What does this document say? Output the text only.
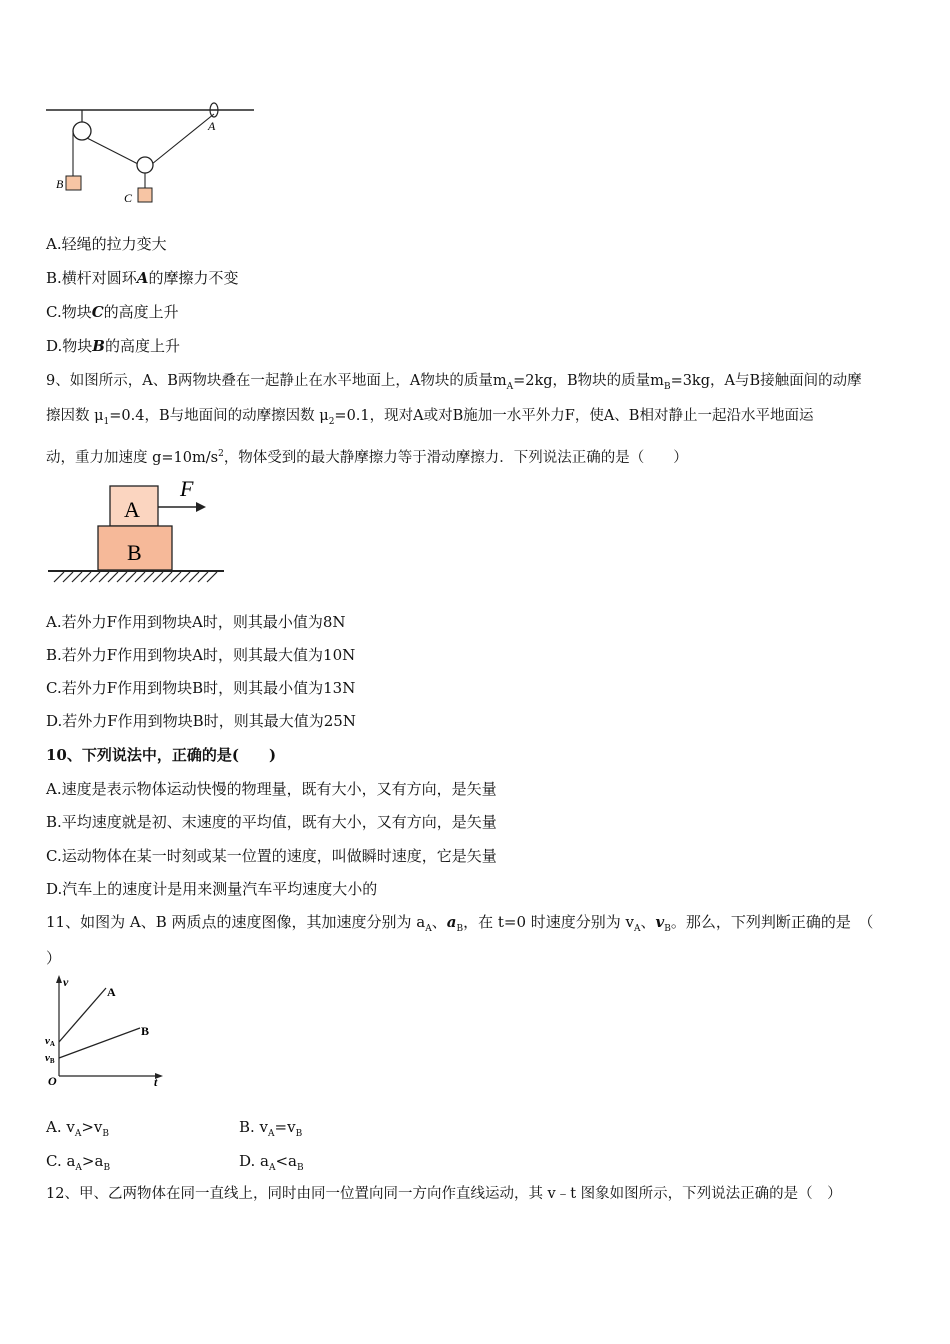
A
B
C
A.轻绳的拉力变大
B.横杆对圆环A的摩擦力不变
C.物块C的高度上升
D.物块B的高度上升
9、如图所示，A、B两物块叠在一起静止在水平地面上，A物块的质量$m_A=2kg$，B物块的质量$m_B=3kg$，A与B接触面间的动摩
擦因数 $\mu_1=0.4$，B与地面间的动摩擦因数 $\mu_2=0.1$，现对A或对B施加一水平外力F，使A、B相对静止一起沿水平地面运
动，重力加速度 $g=10m/s^2$，物体受到的最大静摩擦力等于滑动摩擦力．下列说法正确的是（　　）
F
A
B
A.若外力F作用到物块A时，则其最小值为8N
B.若外力F作用到物块A时，则其最大值为10N
C.若外力F作用到物块B时，则其最小值为13N
D.若外力F作用到物块B时，则其最大值为25N
10、下列说法中，正确的是(　　)
A.速度是表示物体运动快慢的物理量，既有大小，又有方向，是矢量
B.平均速度就是初、末速度的平均值，既有大小，又有方向，是矢量
C.运动物体在某一时刻或某一位置的速度，叫做瞬时速度，它是矢量
D.汽车上的速度计是用来测量汽车平均速度大小的
11、如图为 A、B 两质点的速度图像，其加速度分别为 $a_A$、$a_B$，在 t=0 时速度分别为 $v_A$、$v_B$。那么，下列判断正确的是　（
）
v
t
O
A
B
vA
vB
A. $v_A>v_B$	B. $v_A=v_B$
C. $a_A>a_B$	D. $a_A<a_B$
12、甲、乙两物体在同一直线上，同时由同一位置向同一方向作直线运动，其 v﹣t 图象如图所示，下列说法正确的是（　）
